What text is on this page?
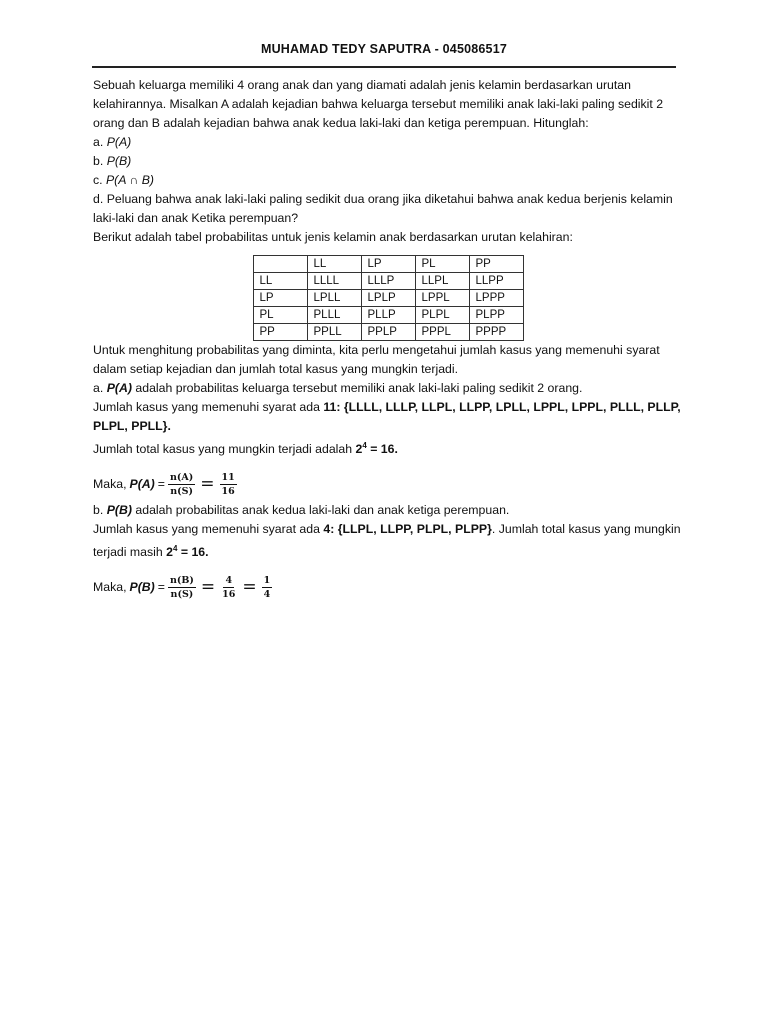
MUHAMAD TEDY SAPUTRA - 045086517

Sebuah keluarga memiliki 4 orang anak dan yang diamati adalah jenis kelamin berdasarkan urutan kelahirannya. Misalkan A adalah kejadian bahwa keluarga tersebut memiliki anak laki-laki paling sedikit 2 orang dan B adalah kejadian bahwa anak kedua laki-laki dan ketiga perempuan. Hitunglah:

a. P(A)
b. P(B)
c. P(A ∩ B)
d. Peluang bahwa anak laki-laki paling sedikit dua orang jika diketahui bahwa anak kedua berjenis kelamin laki-laki dan anak Ketika perempuan?

Berikut adalah tabel probabilitas untuk jenis kelamin anak berdasarkan urutan kelahiran:

	LL	LP	PL	PP
LL	LLLL	LLLP	LLPL	LLPP
LP	LPLL	LPLP	LPPL	LPPP
PL	PLLL	PLLP	PLPL	PLPP
PP	PPLL	PPLP	PPPL	PPPP

Untuk menghitung probabilitas yang diminta, kita perlu mengetahui jumlah kasus yang memenuhi syarat dalam setiap kejadian dan jumlah total kasus yang mungkin terjadi.

a. P(A) adalah probabilitas keluarga tersebut memiliki anak laki-laki paling sedikit 2 orang.

Jumlah kasus yang memenuhi syarat ada 11: {LLLL, LLLP, LLPL, LLPP, LPLL, LPPL, LPPL, PLLL, PLLP, PLPL, PPLL}.

Jumlah total kasus yang mungkin terjadi adalah $2^4 = 16$.

Maka, $P(A) = \frac{n(A)}{n(S)} = \frac{11}{16}$

b. P(B) adalah probabilitas anak kedua laki-laki dan anak ketiga perempuan.

Jumlah kasus yang memenuhi syarat ada 4: {LLPL, LLPP, PLPL, PLPP}. Jumlah total kasus yang mungkin terjadi masih $2^4 = 16$.

Maka, $P(B) = \frac{n(B)}{n(S)} = \frac{4}{16} = \frac{1}{4}$
